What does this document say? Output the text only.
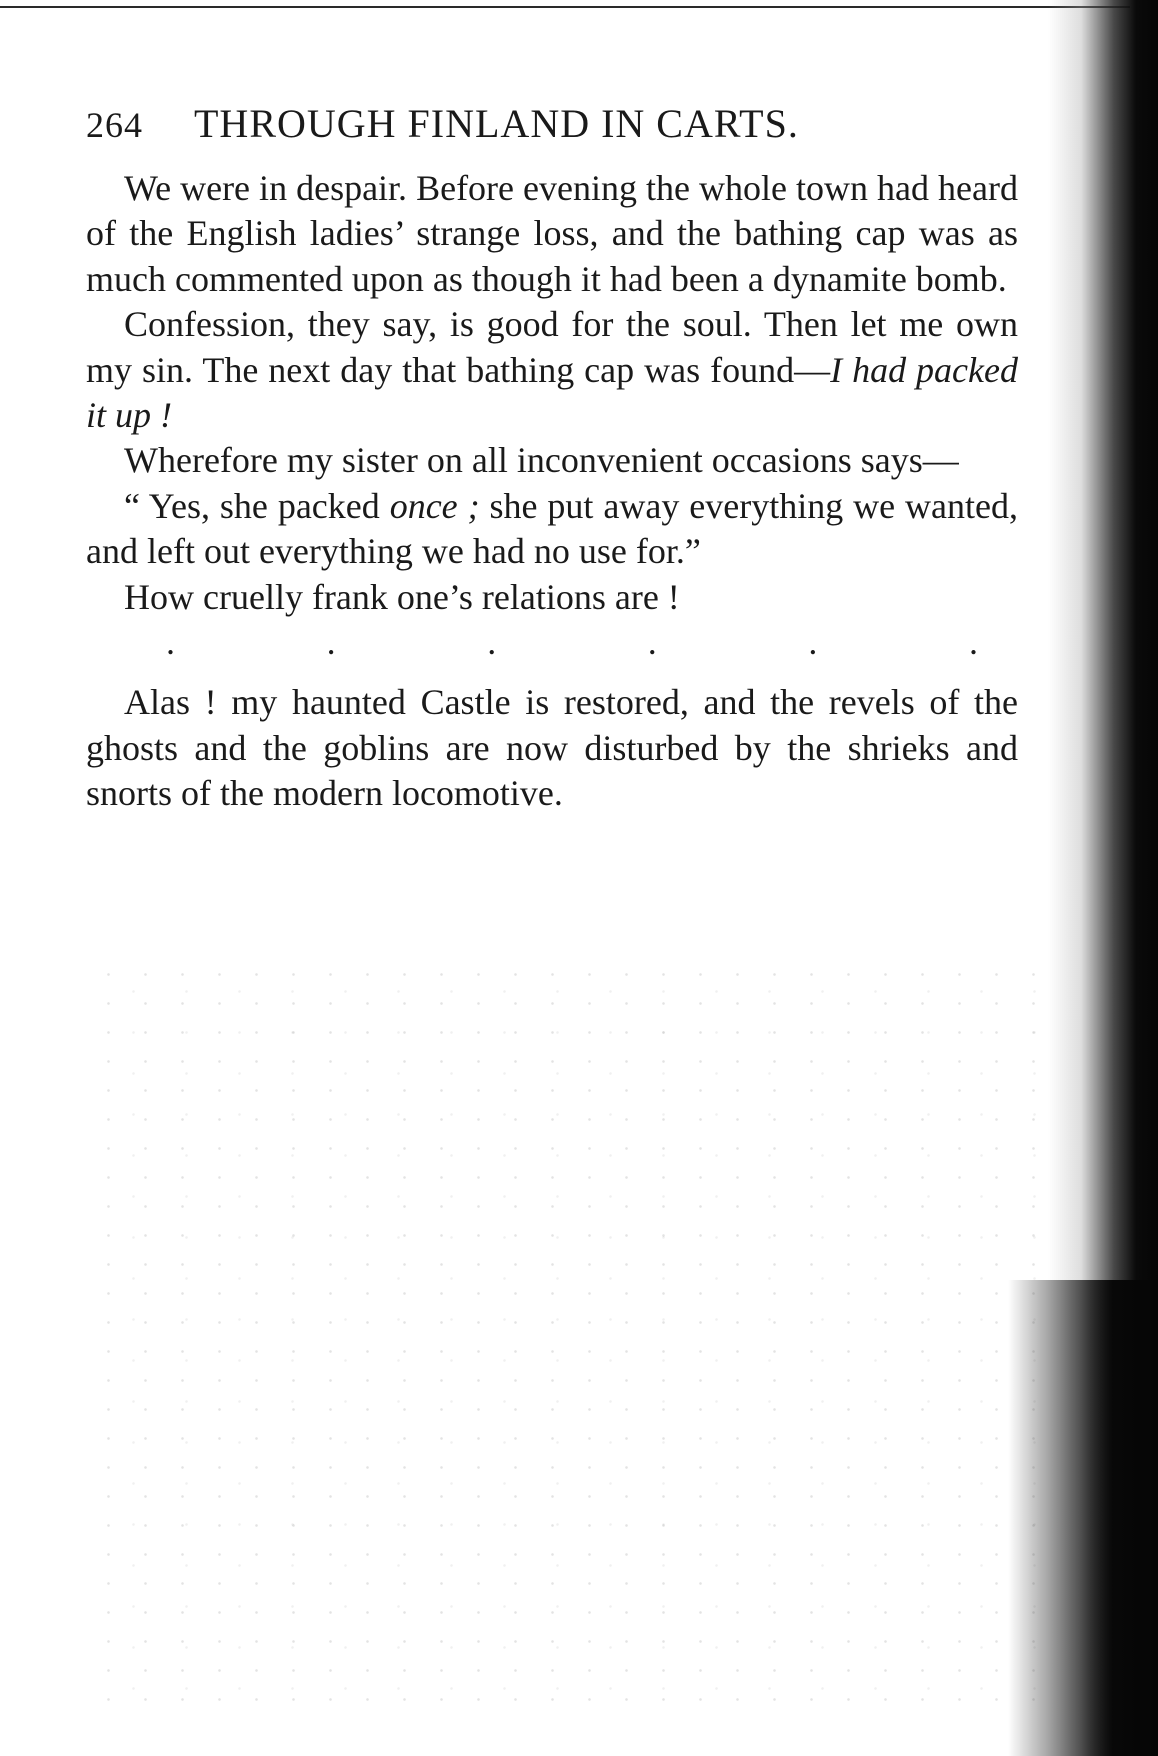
264 THROUGH FINLAND IN CARTS.

We were in despair. Before evening the whole town had heard of the English ladies’ strange loss, and the bathing cap was as much commented upon as though it had been a dynamite bomb.

Confession, they say, is good for the soul. Then let me own my sin. The next day that bathing cap was found—I had packed it up !

Wherefore my sister on all inconvenient occasions says—

“ Yes, she packed once ; she put away everything we wanted, and left out everything we had no use for.”

How cruelly frank one’s relations are !

.	.	.	.	.	.

Alas ! my haunted Castle is restored, and the revels of the ghosts and the goblins are now disturbed by the shrieks and snorts of the modern locomotive.
